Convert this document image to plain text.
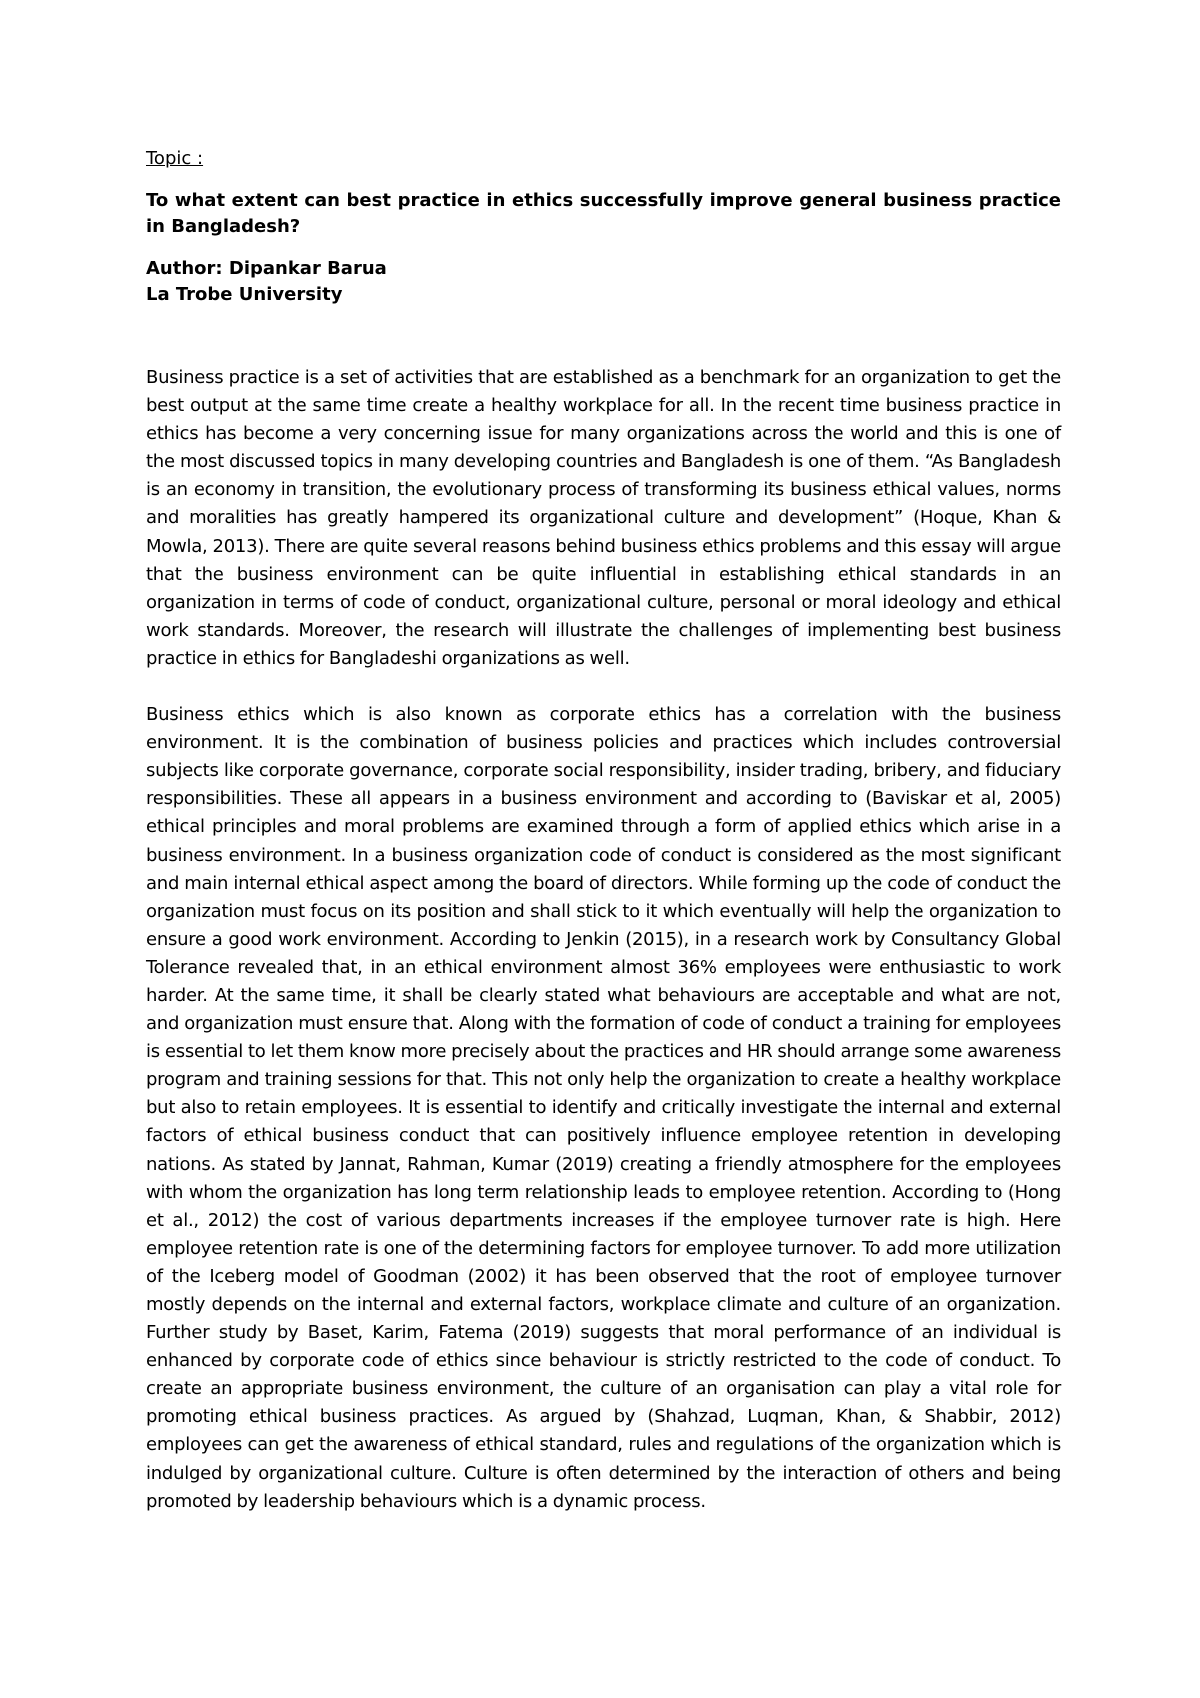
Topic :

To what extent can best practice in ethics successfully improve general business practice in Bangladesh?

Author: Dipankar Barua

La Trobe University

Business practice is a set of activities that are established as a benchmark for an organization to get the best output at the same time create a healthy workplace for all. In the recent time business practice in ethics has become a very concerning issue for many organizations across the world and this is one of the most discussed topics in many developing countries and Bangladesh is one of them. “As Bangladesh is an economy in transition, the evolutionary process of transforming its business ethical values, norms and moralities has greatly hampered its organizational culture and development” (Hoque, Khan & Mowla, 2013). There are quite several reasons behind business ethics problems and this essay will argue that the business environment can be quite influential in establishing ethical standards in an organization in terms of code of conduct, organizational culture, personal or moral ideology and ethical work standards. Moreover, the research will illustrate the challenges of implementing best business practice in ethics for Bangladeshi organizations as well.

Business ethics which is also known as corporate ethics has a correlation with the business environment. It is the combination of business policies and practices which includes controversial subjects like corporate governance, corporate social responsibility, insider trading, bribery, and fiduciary responsibilities. These all appears in a business environment and according to (Baviskar et al, 2005) ethical principles and moral problems are examined through a form of applied ethics which arise in a business environment. In a business organization code of conduct is considered as the most significant and main internal ethical aspect among the board of directors. While forming up the code of conduct the organization must focus on its position and shall stick to it which eventually will help the organization to ensure a good work environment. According to Jenkin (2015), in a research work by Consultancy Global Tolerance revealed that, in an ethical environment almost 36% employees were enthusiastic to work harder. At the same time, it shall be clearly stated what behaviours are acceptable and what are not, and organization must ensure that. Along with the formation of code of conduct a training for employees is essential to let them know more precisely about the practices and HR should arrange some awareness program and training sessions for that. This not only help the organization to create a healthy workplace but also to retain employees. It is essential to identify and critically investigate the internal and external factors of ethical business conduct that can positively influence employee retention in developing nations. As stated by Jannat, Rahman, Kumar (2019) creating a friendly atmosphere for the employees with whom the organization has long term relationship leads to employee retention. According to (Hong et al., 2012) the cost of various departments increases if the employee turnover rate is high. Here employee retention rate is one of the determining factors for employee turnover. To add more utilization of the Iceberg model of Goodman (2002) it has been observed that the root of employee turnover mostly depends on the internal and external factors, workplace climate and culture of an organization. Further study by Baset, Karim, Fatema (2019) suggests that moral performance of an individual is enhanced by corporate code of ethics since behaviour is strictly restricted to the code of conduct. To create an appropriate business environment, the culture of an organisation can play a vital role for promoting ethical business practices. As argued by (Shahzad, Luqman, Khan, & Shabbir, 2012) employees can get the awareness of ethical standard, rules and regulations of the organization which is indulged by organizational culture. Culture is often determined by the interaction of others and being promoted by leadership behaviours which is a dynamic process.
